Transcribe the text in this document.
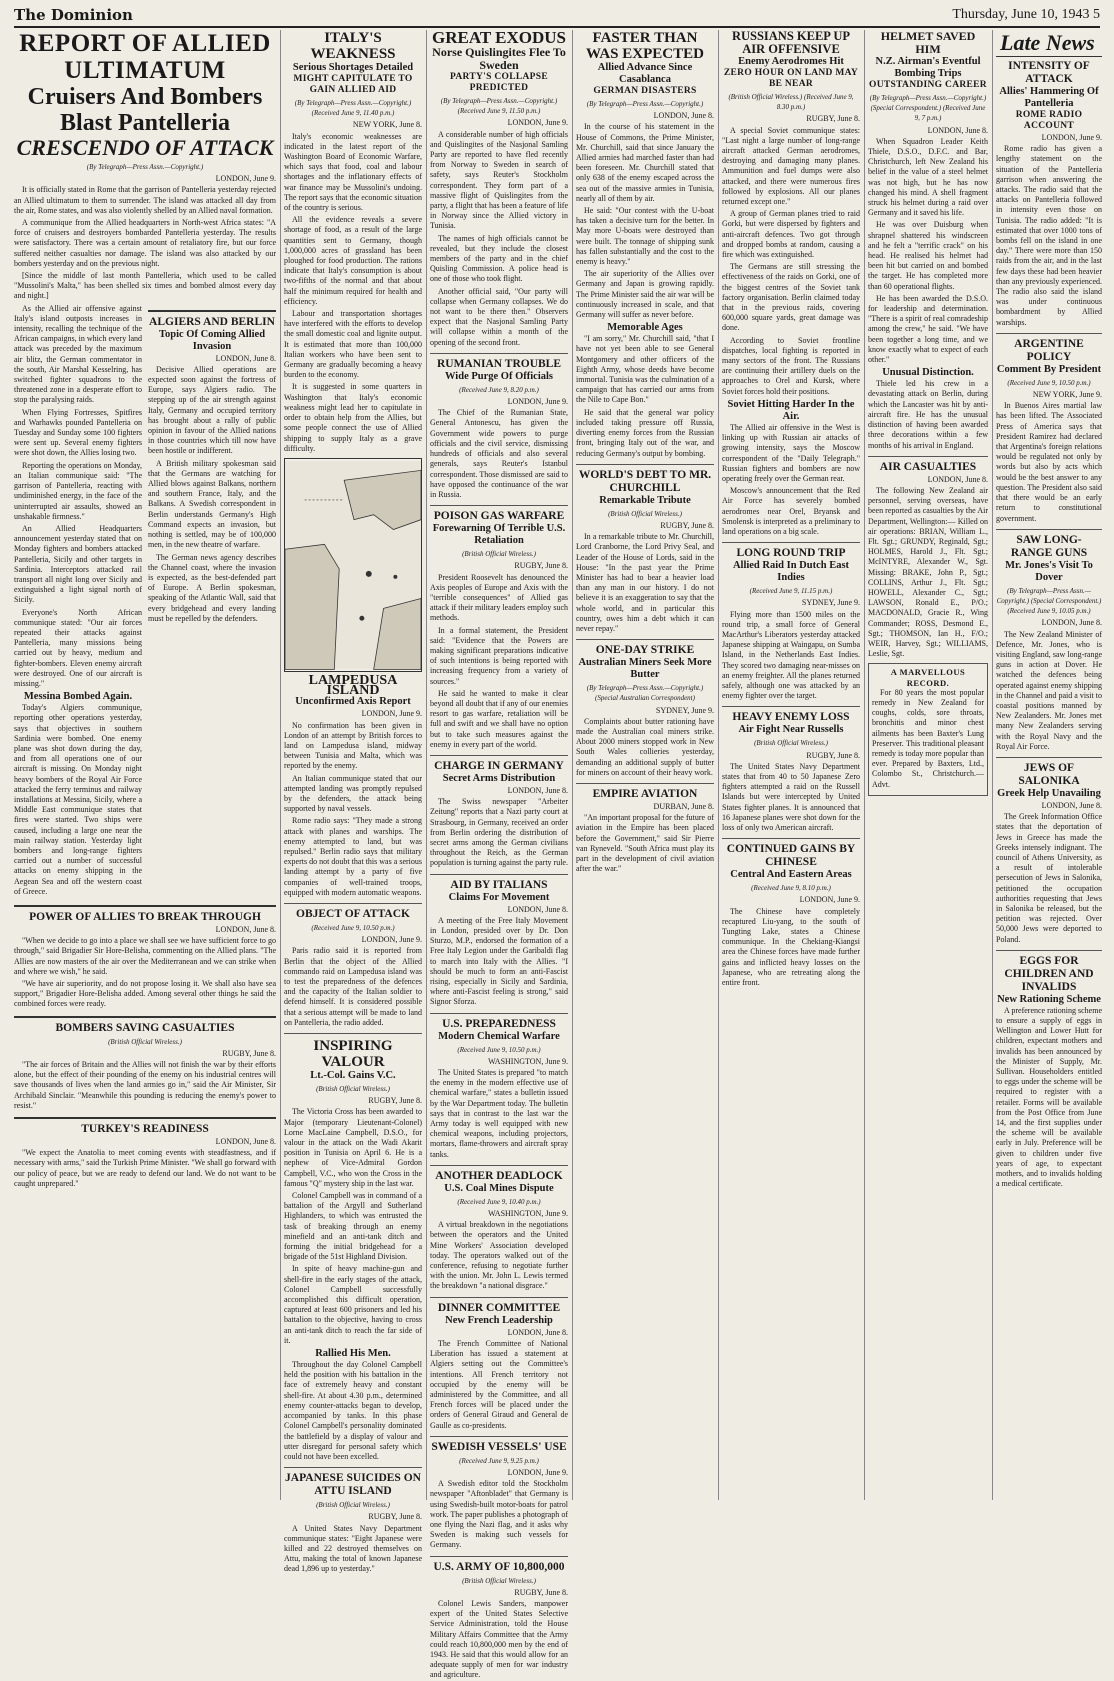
The Dominion	Thursday, June 10, 1943 5
REPORT OF ALLIED ULTIMATUM
Cruisers And Bombers Blast Pantelleria
CRESCENDO OF ATTACK
(By Telegraph—Press Assn.—Copyright.)
LONDON, June 9.

It is officially stated in Rome that the garrison of Pantelleria yesterday rejected an Allied ultimatum to them to surrender. The island was attacked all day from the air, Rome states, and was also violently shelled by an Allied naval formation.

A communique from the Allied headquarters in North-west Africa states: "A force of cruisers and destroyers bombarded Pantelleria yesterday. The results were satisfactory. There was a certain amount of retaliatory fire, but our force suffered neither casualties nor damage. The island was also attacked by our bombers yesterday and on the previous night.

[Since the middle of last month Pantelleria, which used to be called "Mussolini's Malta," has been shelled six times and bombed almost every day and night.]

As the Allied air offensive against Italy's island outposts increases in intensity, recalling the technique of the African campaigns, in which every land attack was preceded by the maximum air blitz, the German commentator in the south, Air Marshal Kesselring, has switched fighter squadrons to the threatened zone in a desperate effort to stop the paralysing raids.

When Flying Fortresses, Spitfires and Warhawks pounded Pantelleria on Tuesday and Sunday some 100 fighters were sent up. Several enemy fighters were shot down, the Allies losing two.

Reporting the operations on Monday, an Italian communique said: "The garrison of Pantelleria, reacting with undiminished energy, in the face of the uninterrupted air assaults, showed an unshakable firmness."

An Allied Headquarters announcement yesterday stated that on Monday fighters and bombers attacked Pantelleria, Sicily and other targets in Sardinia. Interceptors attacked rail transport all night long over Sicily and extinguished a light signal north of Sicily.

Everyone's North African communique stated: "Our air forces repeated their attacks against Pantelleria, many missions being carried out by heavy, medium and fighter-bombers. Eleven enemy aircraft were destroyed. One of our aircraft is missing."

Messina Bombed Again.

Today's Algiers communique, reporting other operations yesterday, says that objectives in southern Sardinia were bombed. One enemy plane was shot down during the day, and from all operations one of our aircraft is missing. On Monday night heavy bombers of the Royal Air Force attacked the ferry terminus and railway installations at Messina, Sicily, where a Middle East communique states that fires were started. Two ships were caused, including a large one near the main railway station. Yesterday light bombers and long-range fighters carried out a number of successful attacks on enemy shipping in the Aegean Sea and off the western coast of Greece.

ALGIERS AND BERLIN
Topic Of Coming Allied Invasion
LONDON, June 8.

Decisive Allied operations are expected soon against the fortress of Europe, says Algiers radio. The stepping up of the air strength against Italy, Germany and occupied territory has brought about a rally of public opinion in favour of the Allied nations in those countries which till now have been hostile or indifferent.

A British military spokesman said that the Germans are watching for Allied blows against Balkans, northern and southern France, Italy, and the Balkans. A Swedish correspondent in Berlin understands Germany's High Command expects an invasion, but nothing is settled, may be of 100,000 men, in the new theatre of warfare.

The German news agency describes the Channel coast, where the invasion is expected, as the best-defended part of Europe. A Berlin spokesman, speaking of the Atlantic Wall, said that every bridgehead and every landing must be repelled by the defenders.

POWER OF ALLIES TO BREAK THROUGH
LONDON, June 8.

"When we decide to go into a place we shall see we have sufficient force to go through," said Brigadier Sir Hore-Belisha, commenting on the Allied plans. "The Allies are now masters of the air over the Mediterranean and we can strike when and where we wish," he said.

"We have air superiority, and do not propose losing it. We shall also have sea support," Brigadier Hore-Belisha added. Among several other things he said the combined forces were ready.

BOMBERS SAVING CASUALTIES
(British Official Wireless.)
RUGBY, June 8.

"The air forces of Britain and the Allies will not finish the war by their efforts alone, but the effect of their pounding of the enemy on his industrial centres will save thousands of lives when the land armies go in," said the Air Minister, Sir Archibald Sinclair. "Meanwhile this pounding is reducing the enemy's power to resist."

TURKEY'S READINESS
LONDON, June 8.

"We expect the Anatolia to meet coming events with steadfastness, and if necessary with arms," said the Turkish Prime Minister. "We shall go forward with our policy of peace, but we are ready to defend our land. We do not want to be caught unprepared."

ITALY'S WEAKNESS
Serious Shortages Detailed
MIGHT CAPITULATE TO GAIN ALLIED AID
(By Telegraph—Press Assn.—Copyright.) (Received June 9, 11.40 p.m.)
NEW YORK, June 8.

Italy's economic weaknesses are indicated in the latest report of the Washington Board of Economic Warfare, which says that food, coal and labour shortages and the inflationary effects of war finance may be Mussolini's undoing. The report says that the economic situation of the country is serious.

All the evidence reveals a severe shortage of food, as a result of the large quantities sent to Germany, though 1,000,000 acres of grassland has been ploughed for food production. The rations indicate that Italy's consumption is about two-fifths of the normal and that about half the minimum required for health and efficiency.

Labour and transportation shortages have interfered with the efforts to develop the small domestic coal and lignite output. It is estimated that more than 100,000 Italian workers who have been sent to Germany are gradually becoming a heavy burden to the economy.

It is suggested in some quarters in Washington that Italy's economic weakness might lead her to capitulate in order to obtain help from the Allies, but some people connect the use of Allied shipping to supply Italy as a grave difficulty.

LAMPEDUSA ISLAND
Unconfirmed Axis Report
LONDON, June 9.

No confirmation has been given in London of an attempt by British forces to land on Lampedusa island, midway between Tunisia and Malta, which was reported by the enemy.

An Italian communique stated that our attempted landing was promptly repulsed by the defenders, the attack being supported by naval vessels.

Rome radio says: "They made a strong attack with planes and warships. The enemy attempted to land, but was repulsed." Berlin radio says that military experts do not doubt that this was a serious landing attempt by a party of five companies of well-trained troops, equipped with modern automatic weapons.

OBJECT OF ATTACK
(Received June 9, 10.50 p.m.)
LONDON, June 9.

Paris radio said it is reported from Berlin that the object of the Allied commando raid on Lampedusa island was to test the preparedness of the defences and the capacity of the Italian soldier to defend himself. It is considered possible that a serious attempt will be made to land on Pantelleria, the radio added.

INSPIRING VALOUR
Lt.-Col. Gains V.C.
(British Official Wireless.)
RUGBY, June 8.

The Victoria Cross has been awarded to Major (temporary Lieutenant-Colonel) Lorne MacLaine Campbell, D.S.O., for valour in the attack on the Wadi Akarit position in Tunisia on April 6. He is a nephew of Vice-Admiral Gordon Campbell, V.C., who won the Cross in the famous "Q" mystery ship in the last war.

Colonel Campbell was in command of a battalion of the Argyll and Sutherland Highlanders, to which was entrusted the task of breaking through an enemy minefield and an anti-tank ditch and forming the initial bridgehead for a brigade of the 51st Highland Division.

In spite of heavy machine-gun and shell-fire in the early stages of the attack, Colonel Campbell successfully accomplished this difficult operation, captured at least 600 prisoners and led his battalion to the objective, having to cross an anti-tank ditch to reach the far side of it.

Rallied His Men.

Throughout the day Colonel Campbell held the position with his battalion in the face of extremely heavy and constant shell-fire. At about 4.30 p.m., determined enemy counter-attacks began to develop, accompanied by tanks. In this phase Colonel Campbell's personality dominated the battlefield by a display of valour and utter disregard for personal safety which could not have been excelled.

JAPANESE SUICIDES ON ATTU ISLAND
(British Official Wireless.)
RUGBY, June 8.

A United States Navy Department communique states: "Eight Japanese were killed and 22 destroyed themselves on Attu, making the total of known Japanese dead 1,896 up to yesterday."

GREAT EXODUS
Norse Quislingites Flee To Sweden
PARTY'S COLLAPSE PREDICTED
(By Telegraph—Press Assn.—Copyright.) (Received June 9, 11.50 p.m.)
LONDON, June 9.

A considerable number of high officials and Quislingites of the Nasjonal Samling Party are reported to have fled recently from Norway to Sweden in search of safety, says Reuter's Stockholm correspondent. They form part of a massive flight of Quislingites from the party, a flight that has been a feature of life in Norway since the Allied victory in Tunisia.

The names of high officials cannot be revealed, but they include the closest members of the party and in the chief Quisling Commission. A police head is one of those who took flight.

Another official said, "Our party will collapse when Germany collapses. We do not want to be there then." Observers expect that the Nasjonal Samling Party will collapse within a month of the opening of the second front.

RUMANIAN TROUBLE
Wide Purge Of Officials
(Received June 9, 8.20 p.m.)
LONDON, June 9.

The Chief of the Rumanian State, General Antonescu, has given the Government wide powers to purge officials and the civil service, dismissing hundreds of officials and also several generals, says Reuter's Istanbul correspondent. Those dismissed are said to have opposed the continuance of the war in Russia.

POISON GAS WARFARE
Forewarning Of Terrible U.S. Retaliation
(British Official Wireless.)
RUGBY, June 8.

President Roosevelt has denounced the Axis peoples of Europe and Axis with the "terrible consequences" of Allied gas attack if their military leaders employ such methods.

In a formal statement, the President said: "Evidence that the Powers are making significant preparations indicative of such intentions is being reported with increasing frequency from a variety of sources."

He said he wanted to make it clear beyond all doubt that if any of our enemies resort to gas warfare, retaliation will be full and swift and we shall have no option but to take such measures against the enemy in every part of the world.

CHARGE IN GERMANY
Secret Arms Distribution
LONDON, June 8.

The Swiss newspaper "Arbeiter Zeitung" reports that a Nazi party court at Strasbourg, in Germany, received an order from Berlin ordering the distribution of secret arms among the German civilians throughout the Reich, as the German population is turning against the party rule.

AID BY ITALIANS
Claims For Movement
LONDON, June 8.

A meeting of the Free Italy Movement in London, presided over by Dr. Don Sturzo, M.P., endorsed the formation of a Free Italy Legion under the Garibaldi flag to march into Italy with the Allies. "I should be much to form an anti-Fascist rising, especially in Sicily and Sardinia, where anti-Fascist feeling is strong," said Signor Sforza.

U.S. PREPAREDNESS
Modern Chemical Warfare
(Received June 9, 10.50 p.m.)
WASHINGTON, June 9.

The United States is prepared "to match the enemy in the modern effective use of chemical warfare," states a bulletin issued by the War Department today. The bulletin says that in contrast to the last war the Army today is well equipped with new chemical weapons, including projectors, mortars, flame-throwers and aircraft spray tanks.

ANOTHER DEADLOCK
U.S. Coal Mines Dispute
(Received June 9, 10.40 p.m.)
WASHINGTON, June 9.

A virtual breakdown in the negotiations between the operators and the United Mine Workers' Association developed today. The operators walked out of the conference, refusing to negotiate further with the union. Mr. John L. Lewis termed the breakdown "a national disgrace."

DINNER COMMITTEE
New French Leadership
LONDON, June 8.

The French Committee of National Liberation has issued a statement at Algiers setting out the Committee's intentions. All French territory not occupied by the enemy will be administered by the Committee, and all French forces will be placed under the orders of General Giraud and General de Gaulle as co-presidents.

SWEDISH VESSELS' USE
(Received June 9, 9.25 p.m.)
LONDON, June 9.

A Swedish editor told the Stockholm newspaper "Aftonbladet" that Germany is using Swedish-built motor-boats for patrol work. The paper publishes a photograph of one flying the Nazi flag, and it asks why Sweden is making such vessels for Germany.

U.S. ARMY OF 10,800,000
(British Official Wireless.)
RUGBY, June 8.

Colonel Lewis Sanders, manpower expert of the United States Selective Service Administration, told the House Military Affairs Committee that the Army could reach 10,800,000 men by the end of 1943. He said that this would allow for an adequate supply of men for war industry and agriculture.

FASTER THAN WAS EXPECTED
Allied Advance Since Casablanca
GERMAN DISASTERS
(By Telegraph—Press Assn.—Copyright.)
LONDON, June 8.

In the course of his statement in the House of Commons, the Prime Minister, Mr. Churchill, said that since January the Allied armies had marched faster than had been foreseen. Mr. Churchill stated that only 638 of the enemy escaped across the sea out of the massive armies in Tunisia, nearly all of them by air.

He said: "Our contest with the U-boat has taken a decisive turn for the better. In May more U-boats were destroyed than were built. The tonnage of shipping sunk has fallen substantially and the cost to the enemy is heavy."

The air superiority of the Allies over Germany and Japan is growing rapidly. The Prime Minister said the air war will be continuously increased in scale, and that Germany will suffer as never before.

Memorable Ages

"I am sorry," Mr. Churchill said, "that I have not yet been able to see General Montgomery and other officers of the Eighth Army, whose deeds have become immortal. Tunisia was the culmination of a campaign that has carried our arms from the Nile to Cape Bon."

He said that the general war policy included taking pressure off Russia, diverting enemy forces from the Russian front, bringing Italy out of the war, and reducing Germany's output by bombing.

WORLD'S DEBT TO MR. CHURCHILL
Remarkable Tribute
(British Official Wireless.)
RUGBY, June 8.

In a remarkable tribute to Mr. Churchill, Lord Cranborne, the Lord Privy Seal, and Leader of the House of Lords, said in the House: "In the past year the Prime Minister has had to bear a heavier load than any man in our history. I do not believe it is an exaggeration to say that the whole world, and in particular this country, owes him a debt which it can never repay."

ONE-DAY STRIKE
Australian Miners Seek More Butter
(By Telegraph—Press Assn.—Copyright.) (Special Australian Correspondent)
SYDNEY, June 9.

Complaints about butter rationing have made the Australian coal miners strike. About 2000 miners stopped work in New South Wales collieries yesterday, demanding an additional supply of butter for miners on account of their heavy work.

EMPIRE AVIATION
DURBAN, June 8.

"An important proposal for the future of aviation in the Empire has been placed before the Government," said Sir Pierre van Ryneveld. "South Africa must play its part in the development of civil aviation after the war."

RUSSIANS KEEP UP AIR OFFENSIVE
Enemy Aerodromes Hit
ZERO HOUR ON LAND MAY BE NEAR
(British Official Wireless.) (Received June 9, 8.30 p.m.)
RUGBY, June 8.

A special Soviet communique states: "Last night a large number of long-range aircraft attacked German aerodromes, destroying and damaging many planes. Ammunition and fuel dumps were also attacked, and there were numerous fires followed by explosions. All our planes returned except one."

A group of German planes tried to raid Gorki, but were dispersed by fighters and anti-aircraft defences. Two got through and dropped bombs at random, causing a fire which was extinguished.

The Germans are still stressing the effectiveness of the raids on Gorki, one of the biggest centres of the Soviet tank factory organisation. Berlin claimed today that in the previous raids, covering 600,000 square yards, great damage was done.

According to Soviet frontline dispatches, local fighting is reported in many sectors of the front. The Russians are continuing their artillery duels on the approaches to Orel and Kursk, where Soviet forces hold their positions.

Soviet Hitting Harder In the Air.

The Allied air offensive in the West is linking up with Russian air attacks of growing intensity, says the Moscow correspondent of the "Daily Telegraph." Russian fighters and bombers are now operating freely over the German rear.

Moscow's announcement that the Red Air Force has severely bombed aerodromes near Orel, Bryansk and Smolensk is interpreted as a preliminary to land operations on a big scale.

LONG ROUND TRIP
Allied Raid In Dutch East Indies
(Received June 9, 11.15 p.m.)
SYDNEY, June 9.

Flying more than 1500 miles on the round trip, a small force of General MacArthur's Liberators yesterday attacked Japanese shipping at Waingapu, on Sumba Island, in the Netherlands East Indies. They scored two damaging near-misses on an enemy freighter. All the planes returned safely, although one was attacked by an enemy fighter over the target.

HEAVY ENEMY LOSS
Air Fight Near Russells
(British Official Wireless.)
RUGBY, June 8.

The United States Navy Department states that from 40 to 50 Japanese Zero fighters attempted a raid on the Russell Islands but were intercepted by United States fighter planes. It is announced that 16 Japanese planes were shot down for the loss of only two American aircraft.

CONTINUED GAINS BY CHINESE
Central And Eastern Areas
(Received June 9, 8.10 p.m.)
LONDON, June 9.

The Chinese have completely recaptured Liu-yang, to the south of Tungting Lake, states a Chinese communique. In the Chekiang-Kiangsi area the Chinese forces have made further gains and inflicted heavy losses on the Japanese, who are retreating along the entire front.

HELMET SAVED HIM
N.Z. Airman's Eventful Bombing Trips
OUTSTANDING CAREER
(By Telegraph—Press Assn.—Copyright.) (Special Correspondent.) (Received June 9, 7 p.m.)
LONDON, June 8.

When Squadron Leader Keith Thiele, D.S.O., D.F.C. and Bar, Christchurch, left New Zealand his belief in the value of a steel helmet was not high, but he has now changed his mind. A shell fragment struck his helmet during a raid over Germany and it saved his life.

He was over Duisburg when shrapnel shattered his windscreen and he felt a "terrific crack" on his head. He realised his helmet had been hit but carried on and bombed the target. He has completed more than 60 operational flights.

He has been awarded the D.S.O. for leadership and determination. "There is a spirit of real comradeship among the crew," he said. "We have been together a long time, and we know exactly what to expect of each other."

Unusual Distinction.

Thiele led his crew in a devastating attack on Berlin, during which the Lancaster was hit by anti-aircraft fire. He has the unusual distinction of having been awarded three decorations within a few months of his arrival in England.

AIR CASUALTIES
LONDON, June 8.

The following New Zealand air personnel, serving overseas, have been reported as casualties by the Air Department, Wellington:— Killed on air operations: BRIAN, William L., Flt. Sgt.; GRUNDY, Reginald, Sgt.; HOLMES, Harold J., Flt. Sgt.; McINTYRE, Alexander W., Sgt. Missing: BRAKE, John P., Sgt.; COLLINS, Arthur J., Flt. Sgt.; HOWELL, Alexander C., Sgt.; LAWSON, Ronald E., P/O.; MACDONALD, Gracie R., Wing Commander; ROSS, Desmond E., Sgt.; THOMSON, Ian H., F/O.; WEIR, Harvey, Sgt.; WILLIAMS, Leslie, Sgt.

A MARVELLOUS RECORD.

For 80 years the most popular remedy in New Zealand for coughs, colds, sore throats, bronchitis and minor chest ailments has been Baxter's Lung Preserver. This traditional pleasant remedy is today more popular than ever. Prepared by Baxters, Ltd., Colombo St., Christchurch.—Advt.

Late News
INTENSITY OF ATTACK
Allies' Hammering Of Pantelleria
ROME RADIO ACCOUNT
LONDON, June 9.

Rome radio has given a lengthy statement on the situation of the Pantelleria garrison when answering the attacks. The radio said that the attacks on Pantelleria followed in intensity even those on Tunisia. The radio added: "It is estimated that over 1000 tons of bombs fell on the island in one day." There were more than 150 raids from the air, and in the last few days these had been heavier than any previously experienced. The radio also said the island was under continuous bombardment by Allied warships.

ARGENTINE POLICY
Comment By President
(Received June 9, 10.50 p.m.)
NEW YORK, June 9.

In Buenos Aires martial law has been lifted. The Associated Press of America says that President Ramirez had declared that Argentina's foreign relations would be regulated not only by words but also by acts which would be the best answer to any question. The President also said that there would be an early return to constitutional government.

SAW LONG-RANGE GUNS
Mr. Jones's Visit To Dover
(By Telegraph—Press Assn.—Copyright.) (Special Correspondent.) (Received June 9, 10.05 p.m.)
LONDON, June 8.

The New Zealand Minister of Defence, Mr. Jones, who is visiting England, saw long-range guns in action at Dover. He watched the defences being operated against enemy shipping in the Channel and paid a visit to coastal positions manned by New Zealanders. Mr. Jones met many New Zealanders serving with the Royal Navy and the Royal Air Force.

JEWS OF SALONIKA
Greek Help Unavailing
LONDON, June 8.

The Greek Information Office states that the deportation of Jews in Greece has made the Greeks intensely indignant. The council of Athens University, as a result of intolerable persecution of Jews in Salonika, petitioned the occupation authorities requesting that Jews in Salonika be released, but the petition was rejected. Over 50,000 Jews were deported to Poland.

EGGS FOR CHILDREN AND INVALIDS
New Rationing Scheme

A preference rationing scheme to ensure a supply of eggs in Wellington and Lower Hutt for children, expectant mothers and invalids has been announced by the Minister of Supply, Mr. Sullivan. Householders entitled to eggs under the scheme will be required to register with a retailer. Forms will be available from the Post Office from June 14, and the first supplies under the scheme will be available early in July. Preference will be given to children under five years of age, to expectant mothers, and to invalids holding a medical certificate.
